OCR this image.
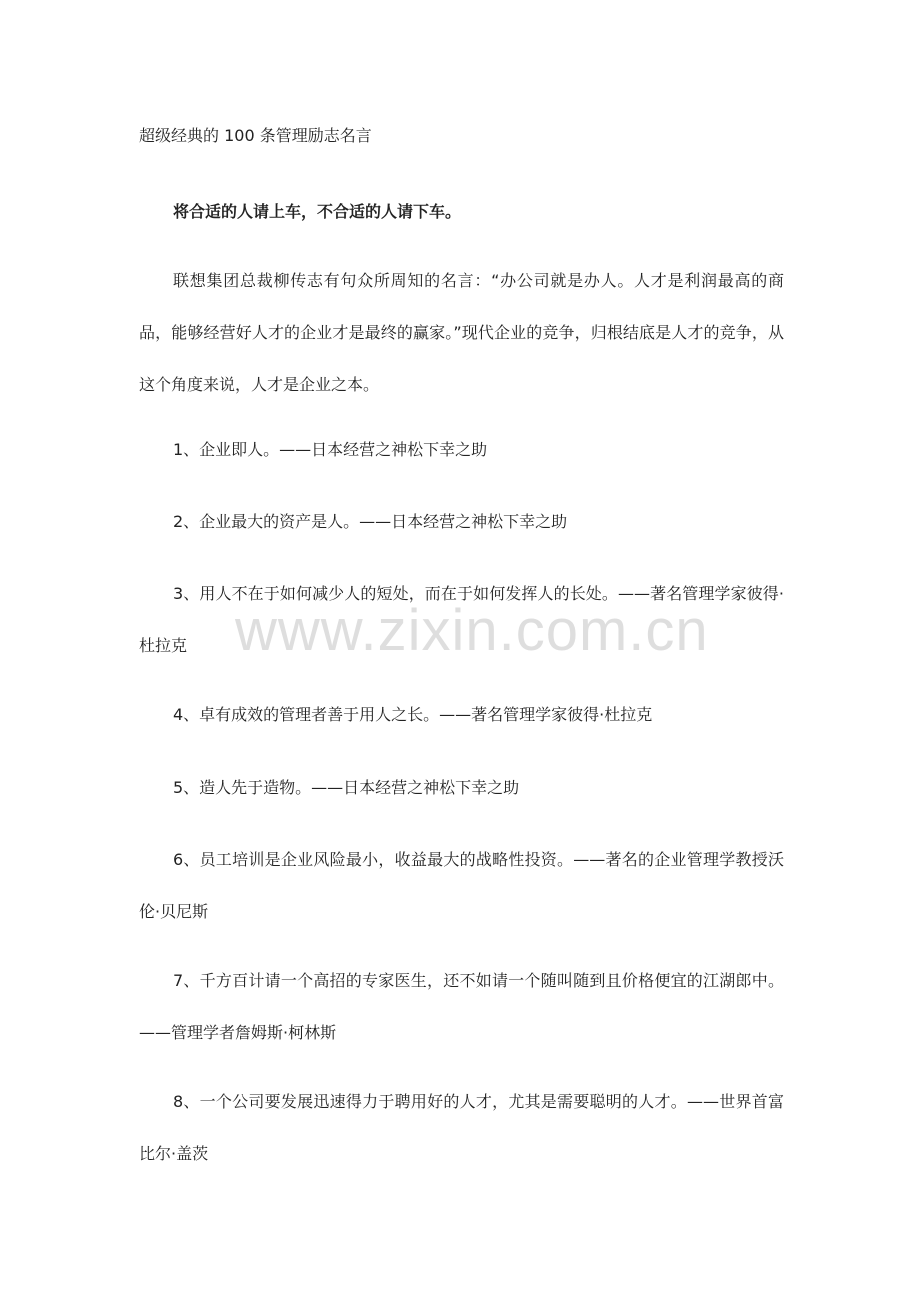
超级经典的 100 条管理励志名言
将合适的人请上车，不合适的人请下车。

联想集团总裁柳传志有句众所周知的名言：“办公司就是办人。人才是利润最高的商品，能够经营好人才的企业才是最终的赢家。”现代企业的竞争，归根结底是人才的竞争，从这个角度来说，人才是企业之本。

1、企业即人。——日本经营之神松下幸之助

2、企业最大的资产是人。——日本经营之神松下幸之助

3、用人不在于如何减少人的短处，而在于如何发挥人的长处。——著名管理学家彼得·杜拉克

4、卓有成效的管理者善于用人之长。——著名管理学家彼得·杜拉克

5、造人先于造物。——日本经营之神松下幸之助

6、员工培训是企业风险最小，收益最大的战略性投资。——著名的企业管理学教授沃伦·贝尼斯

7、千方百计请一个高招的专家医生，还不如请一个随叫随到且价格便宜的江湖郎中。——管理学者詹姆斯·柯林斯

8、一个公司要发展迅速得力于聘用好的人才，尤其是需要聪明的人才。——世界首富比尔·盖茨

www.zixin.com.cn
